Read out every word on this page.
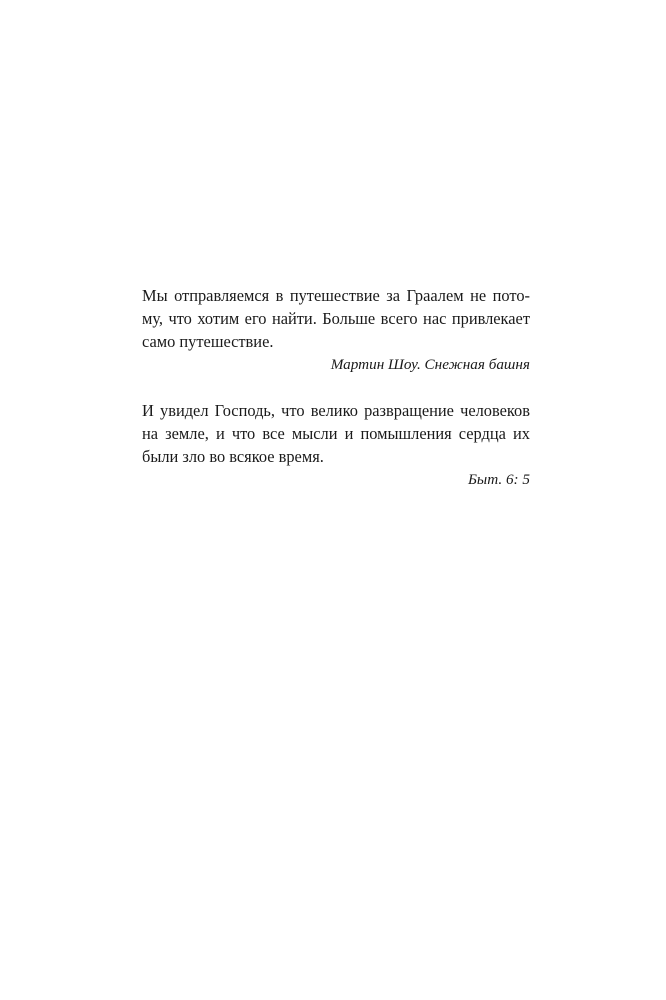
Мы отправляемся в путешествие за Граалем не пото-
му, что хотим его найти. Больше всего нас привлекает
само путешествие.
Мартин Шоу. Снежная башня
И увидел Господь, что велико развращение человеков
на земле, и что все мысли и помышления сердца их
были зло во всякое время.
Быт. 6: 5
